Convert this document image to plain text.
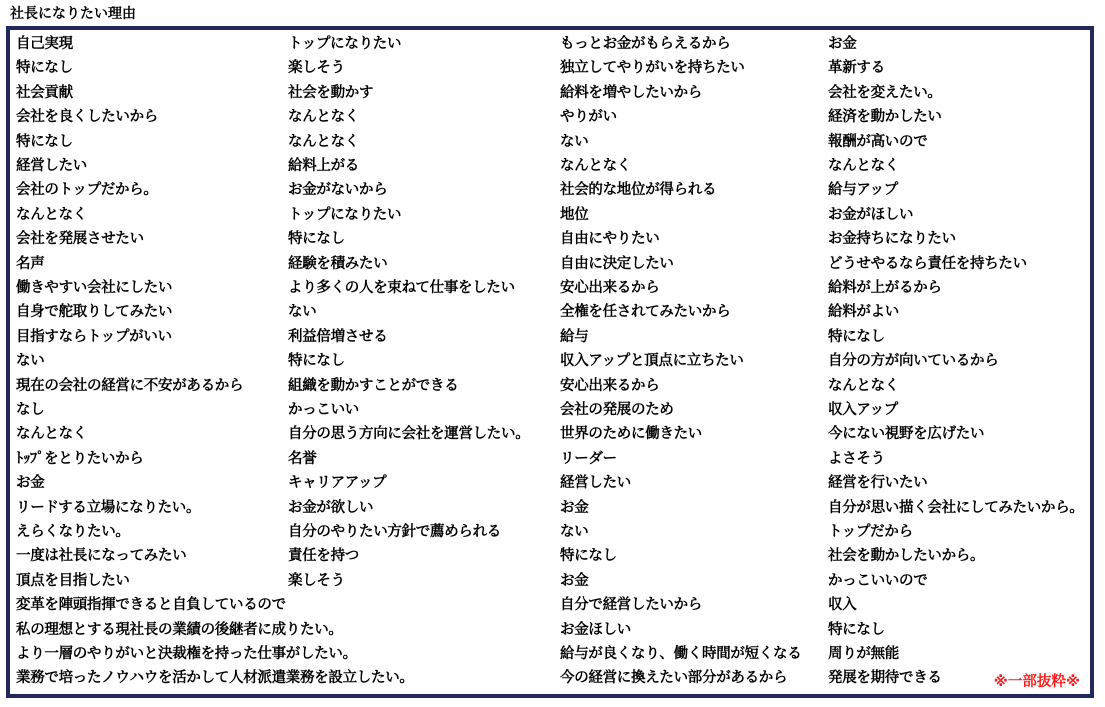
社長になりたい理由
自己実現
特になし
社会貢献
会社を良くしたいから
特になし
経営したい
会社のトップだから。
なんとなく
会社を発展させたい
名声
働きやすい会社にしたい
自身で舵取りしてみたい
目指すならトップがいい
ない
現在の会社の経営に不安があるから
なし
なんとなく
ﾄｯﾌﾟをとりたいから
お金
リードする立場になりたい。
えらくなりたい。
一度は社長になってみたい
頂点を目指したい
変革を陣頭指揮できると自負しているので
私の理想とする現社長の業績の後継者に成りたい。
より一層のやりがいと決裁権を持った仕事がしたい。
業務で培ったノウハウを活かして人材派遣業務を設立したい。
トップになりたい
楽しそう
社会を動かす
なんとなく
なんとなく
給料上がる
お金がないから
トップになりたい
特になし
経験を積みたい
より多くの人を束ねて仕事をしたい
ない
利益倍増させる
特になし
組織を動かすことができる
かっこいい
自分の思う方向に会社を運営したい。
名誉
キャリアアップ
お金が欲しい
自分のやりたい方針で薦められる
責任を持つ
楽しそう
もっとお金がもらえるから
独立してやりがいを持ちたい
給料を増やしたいから
やりがい
ない
なんとなく
社会的な地位が得られる
地位
自由にやりたい
自由に決定したい
安心出来るから
全権を任されてみたいから
給与
収入アップと頂点に立ちたい
安心出来るから
会社の発展のため
世界のために働きたい
リーダー
経営したい
お金
ない
特になし
お金
自分で経営したいから
お金ほしい
給与が良くなり、働く時間が短くなる
今の経営に換えたい部分があるから
お金
革新する
会社を変えたい。
経済を動かしたい
報酬が高いので
なんとなく
給与アップ
お金がほしい
お金持ちになりたい
どうせやるなら責任を持ちたい
給料が上がるから
給料がよい
特になし
自分の方が向いているから
なんとなく
収入アップ
今にない視野を広げたい
よさそう
経営を行いたい
自分が思い描く会社にしてみたいから。
トップだから
社会を動かしたいから。
かっこいいので
収入
特になし
周りが無能
発展を期待できる	※一部抜粋※
